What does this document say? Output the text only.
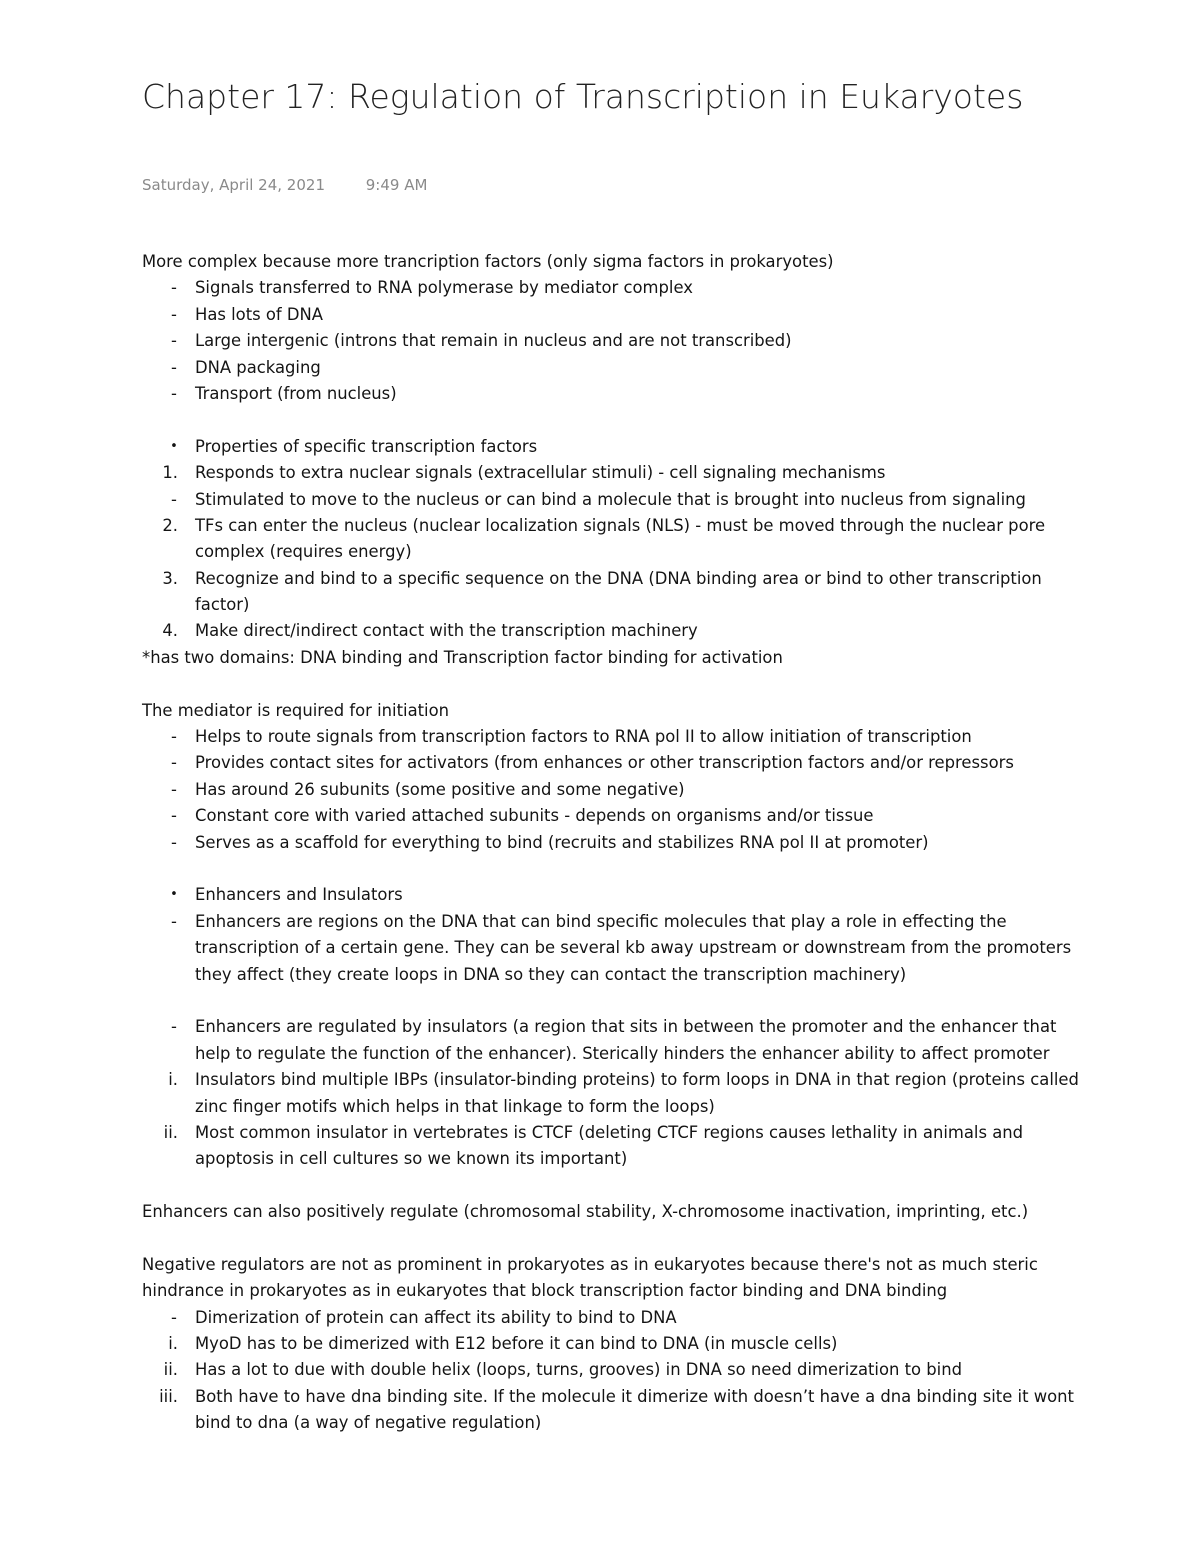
Chapter 17: Regulation of Transcription in Eukaryotes
Saturday, April 24, 2021	9:49 AM
More complex because more trancription factors (only sigma factors in prokaryotes)
-	Signals transferred to RNA polymerase by mediator complex
-	Has lots of DNA
-	Large intergenic (introns that remain in nucleus and are not transcribed)
-	DNA packaging
-	Transport (from nucleus)
•	Properties of specific transcription factors
1. Responds to extra nuclear signals (extracellular stimuli) - cell signaling mechanisms
-	Stimulated to move to the nucleus or can bind a molecule that is brought into nucleus from signaling
2. TFs can enter the nucleus (nuclear localization signals (NLS) - must be moved through the nuclear pore
complex (requires energy)
3. Recognize and bind to a specific sequence on the DNA (DNA binding area or bind to other transcription
factor)
4. Make direct/indirect contact with the transcription machinery
*has two domains: DNA binding and Transcription factor binding for activation
The mediator is required for initiation
-	Helps to route signals from transcription factors to RNA pol II to allow initiation of transcription
-	Provides contact sites for activators (from enhances or other transcription factors and/or repressors
-	Has around 26 subunits (some positive and some negative)
-	Constant core with varied attached subunits - depends on organisms and/or tissue
-	Serves as a scaffold for everything to bind (recruits and stabilizes RNA pol II at promoter)
•	Enhancers and Insulators
-	Enhancers are regions on the DNA that can bind specific molecules that play a role in effecting the
transcription of a certain gene. They can be several kb away upstream or downstream from the promoters
they affect (they create loops in DNA so they can contact the transcription machinery)
-	Enhancers are regulated by insulators (a region that sits in between the promoter and the enhancer that
help to regulate the function of the enhancer). Sterically hinders the enhancer ability to affect promoter
i. Insulators bind multiple IBPs (insulator-binding proteins) to form loops in DNA in that region (proteins called
zinc finger motifs which helps in that linkage to form the loops)
ii. Most common insulator in vertebrates is CTCF (deleting CTCF regions causes lethality in animals and
apoptosis in cell cultures so we known its important)
Enhancers can also positively regulate (chromosomal stability, X-chromosome inactivation, imprinting, etc.)
Negative regulators are not as prominent in prokaryotes as in eukaryotes because there's not as much steric
hindrance in prokaryotes as in eukaryotes that block transcription factor binding and DNA binding
-	Dimerization of protein can affect its ability to bind to DNA
i. MyoD has to be dimerized with E12 before it can bind to DNA (in muscle cells)
ii. Has a lot to due with double helix (loops, turns, grooves) in DNA so need dimerization to bind
iii. Both have to have dna binding site. If the molecule it dimerize with doesn’t have a dna binding site it wont
bind to dna (a way of negative regulation)
